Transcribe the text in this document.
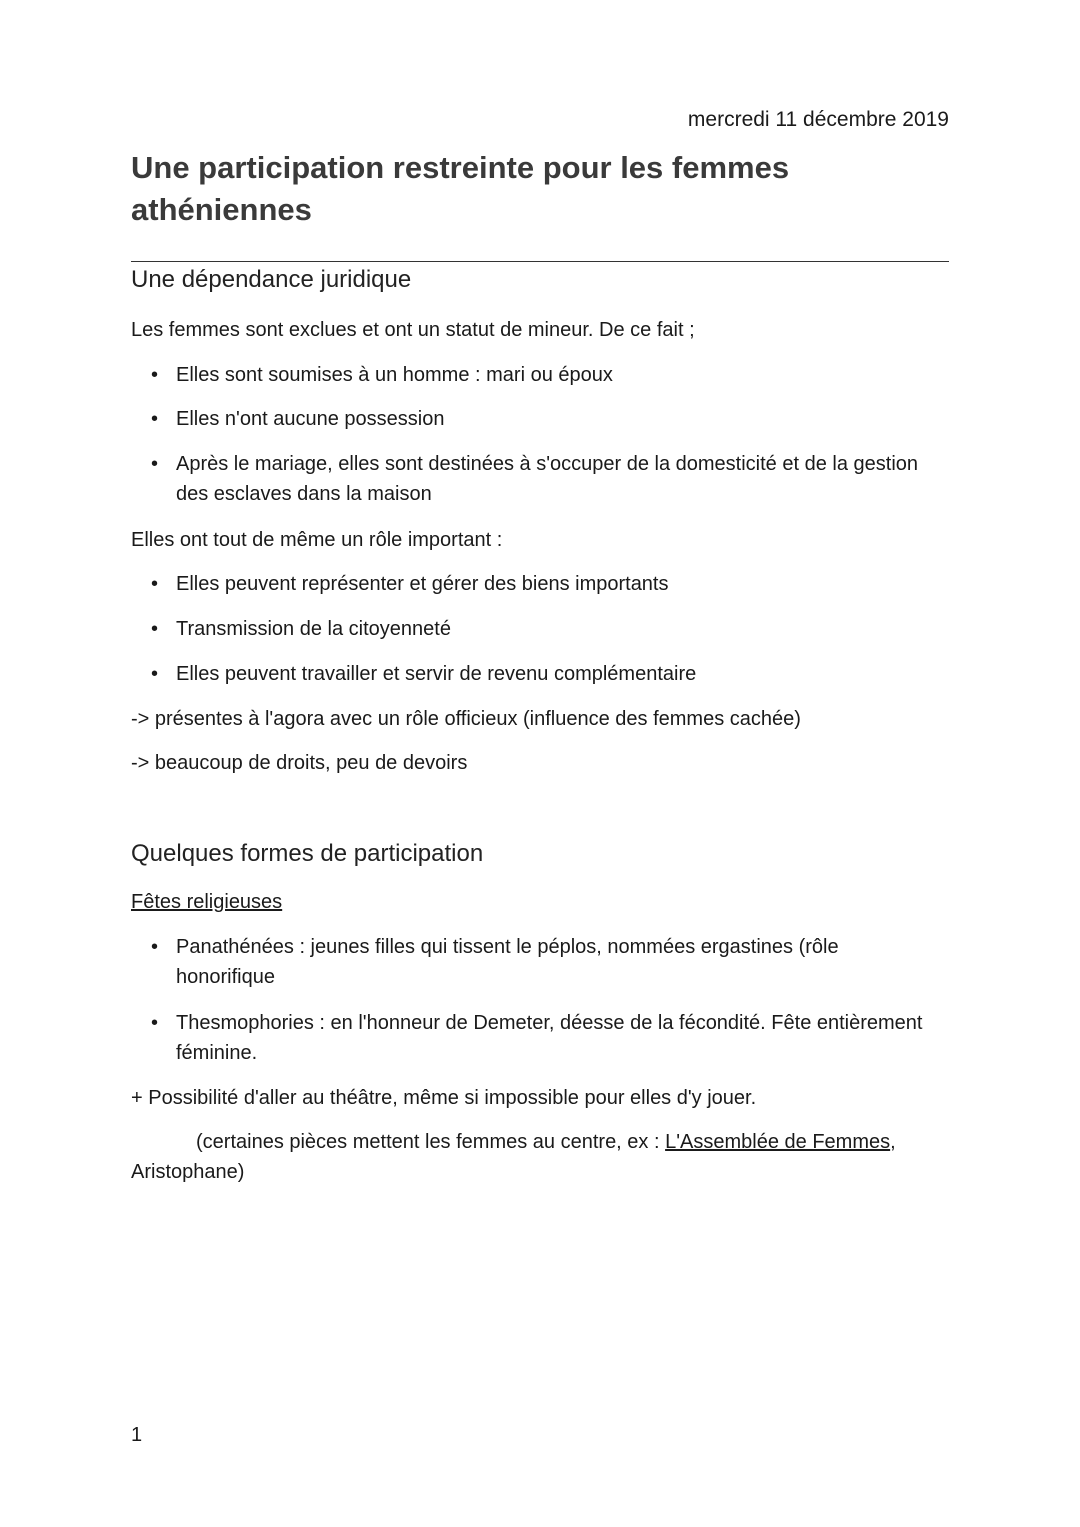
mercredi 11 décembre 2019
Une participation restreinte pour les femmes athéniennes
Une dépendance juridique

Les femmes sont exclues et ont un statut de mineur. De ce fait ;

• Elles sont soumises à un homme : mari ou époux
• Elles n'ont aucune possession
• Après le mariage, elles sont destinées à s'occuper de la domesticité et de la gestion des esclaves dans la maison

Elles ont tout de même un rôle important :

• Elles peuvent représenter et gérer des biens importants
• Transmission de la citoyenneté
• Elles peuvent travailler et servir de revenu complémentaire

-> présentes à l'agora avec un rôle officieux (influence des femmes cachée)

-> beaucoup de droits, peu de devoirs

Quelques formes de participation

Fêtes religieuses

• Panathénées : jeunes filles qui tissent le péplos, nommées ergastines (rôle honorifique
• Thesmophories : en l'honneur de Demeter, déesse de la fécondité. Fête entièrement féminine.

+ Possibilité d'aller au théâtre, même si impossible pour elles d'y jouer.

(certaines pièces mettent les femmes au centre, ex : L'Assemblée de Femmes, Aristophane)

1
